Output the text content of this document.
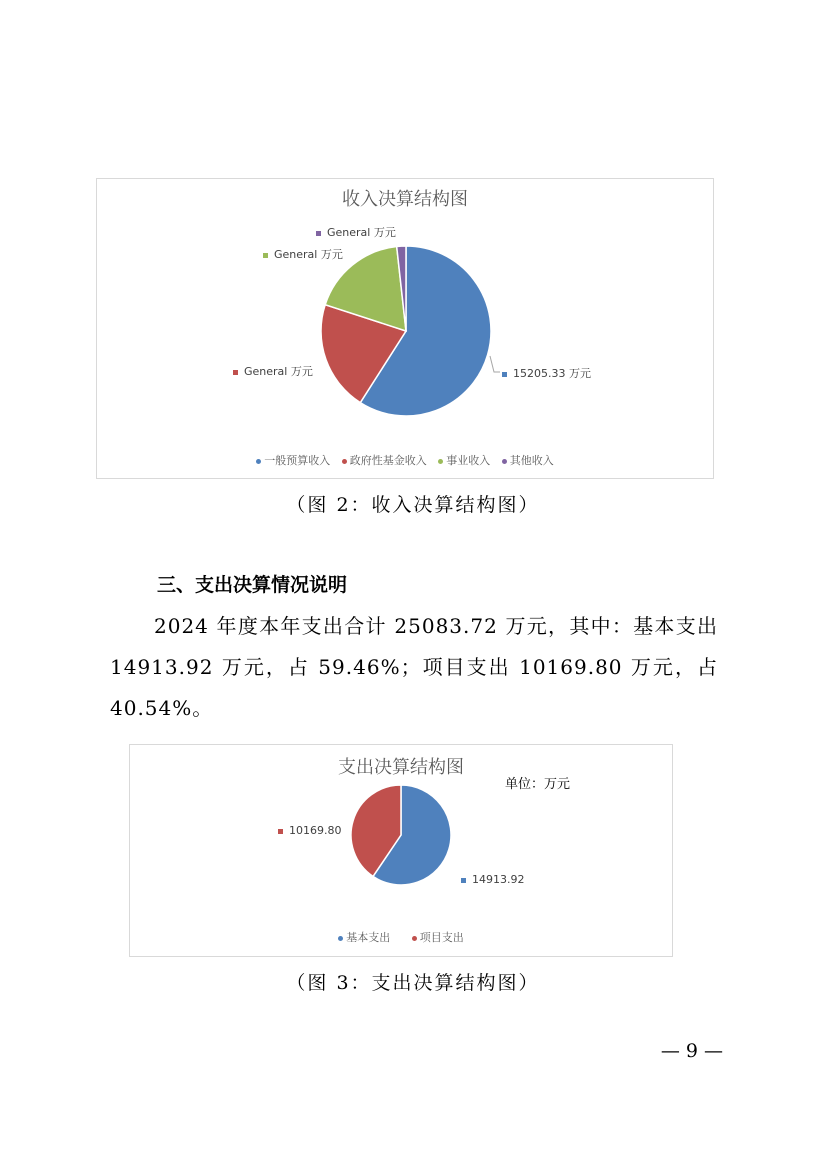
收入决算结构图
General 万元
General 万元
General 万元	15205.33 万元
一般预算收入 政府性基金收入 事业收入 其他收入
（图 2：收入决算结构图）
三、支出决算情况说明
2024 年度本年支出合计 25083.72 万元，其中：基本支出 14913.92 万元，占 59.46%；项目支出 10169.80 万元，占 40.54%。
支出决算结构图
单位：万元
10169.80
14913.92
基本支出	项目支出
（图 3：支出决算结构图）
— 9 —
